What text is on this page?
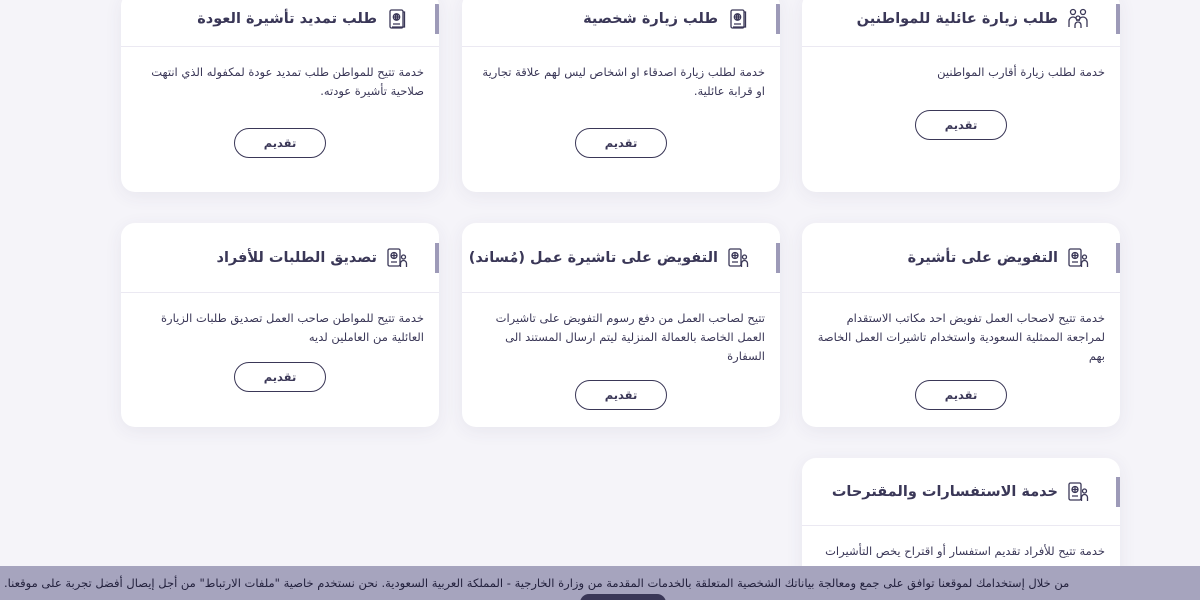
طلب زيارة عائلية للمواطنين

خدمة لطلب زيارة أقارب المواطنين

تقديم
طلب زيارة شخصية

خدمة لطلب زيارة اصدقاء او اشخاص ليس لهم علاقة تجارية او قرابة عائلية.

تقديم
طلب تمديد تأشيرة العودة

خدمة تتيح للمواطن طلب تمديد عودة لمكفوله الذي انتهت صلاحية تأشيرة عودته.

تقديم
التفويض على تأشيرة

خدمة تتيح لاصحاب العمل تفويض احد مكاتب الاستقدام لمراجعة الممثلية السعودية واستخدام تاشيرات العمل الخاصة بهم

تقديم
التفويض على تاشيرة عمل (مُساند)

تتيح لصاحب العمل من دفع رسوم التفويض على تاشيرات العمل الخاصة بالعمالة المنزلية ليتم ارسال المستند الى السفارة

تقديم
تصديق الطلبات للأفراد

خدمة تتيح للمواطن صاحب العمل تصديق طلبات الزيارة العائلية من العاملين لديه

تقديم
خدمة الاستفسارات والمقترحات

خدمة تتيح للأفراد تقديم استفسار أو اقتراح يخص التأشيرات

من خلال إستخدامك لموقعنا توافق على جمع ومعالجة بياناتك الشخصية المتعلقة بالخدمات المقدمة من وزارة الخارجية - المملكة العربية السعودية. نحن نستخدم خاصية "ملفات الارتباط" من أجل إيصال أفضل تجربة على موقعنا.
